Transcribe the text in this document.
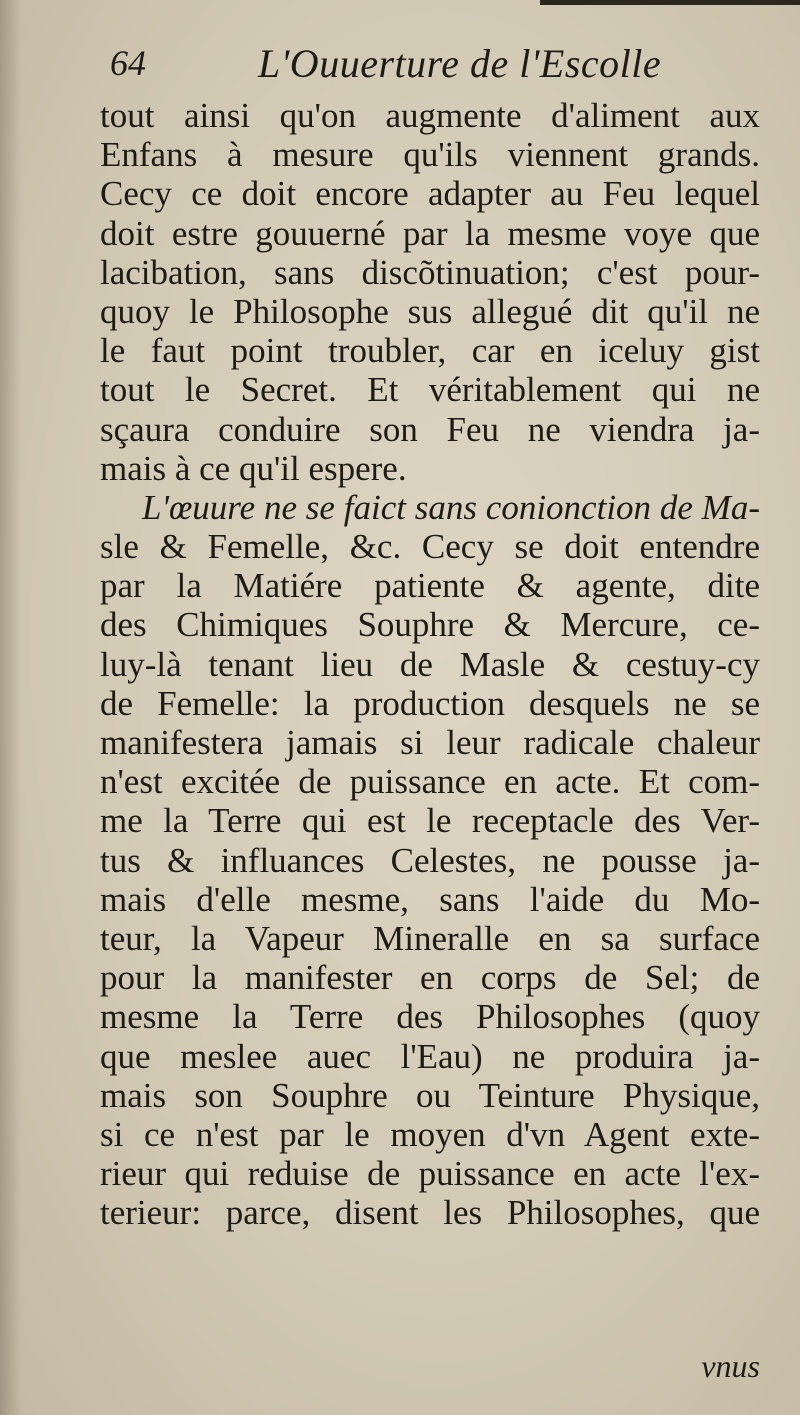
64	L'Ouuerture de l'Escolle
tout ainsi qu'on augmente d'aliment aux
Enfans à mesure qu'ils viennent grands.
Cecy ce doit encore adapter au Feu lequel
doit estre gouuerné par la mesme voye que
lacibation, sans discõtinuation; c'est pour-
quoy le Philosophe sus allegué dit qu'il ne
le faut point troubler, car en iceluy gist
tout le Secret. Et véritablement qui ne
sçaura conduire son Feu ne viendra ja-
mais à ce qu'il espere.
L'œuure ne se faict sans conionction de Ma-
sle & Femelle, &c. Cecy se doit entendre
par la Matiére patiente & agente, dite
des Chimiques Souphre & Mercure, ce-
luy-là tenant lieu de Masle & cestuy-cy
de Femelle: la production desquels ne se
manifestera jamais si leur radicale chaleur
n'est excitée de puissance en acte. Et com-
me la Terre qui est le receptacle des Ver-
tus & influances Celestes, ne pousse ja-
mais d'elle mesme, sans l'aide du Mo-
teur, la Vapeur Mineralle en sa surface
pour la manifester en corps de Sel; de
mesme la Terre des Philosophes (quoy
que meslee auec l'Eau) ne produira ja-
mais son Souphre ou Teinture Physique,
si ce n'est par le moyen d'vn Agent exte-
rieur qui reduise de puissance en acte l'ex-
terieur: parce, disent les Philosophes, que
vnus
